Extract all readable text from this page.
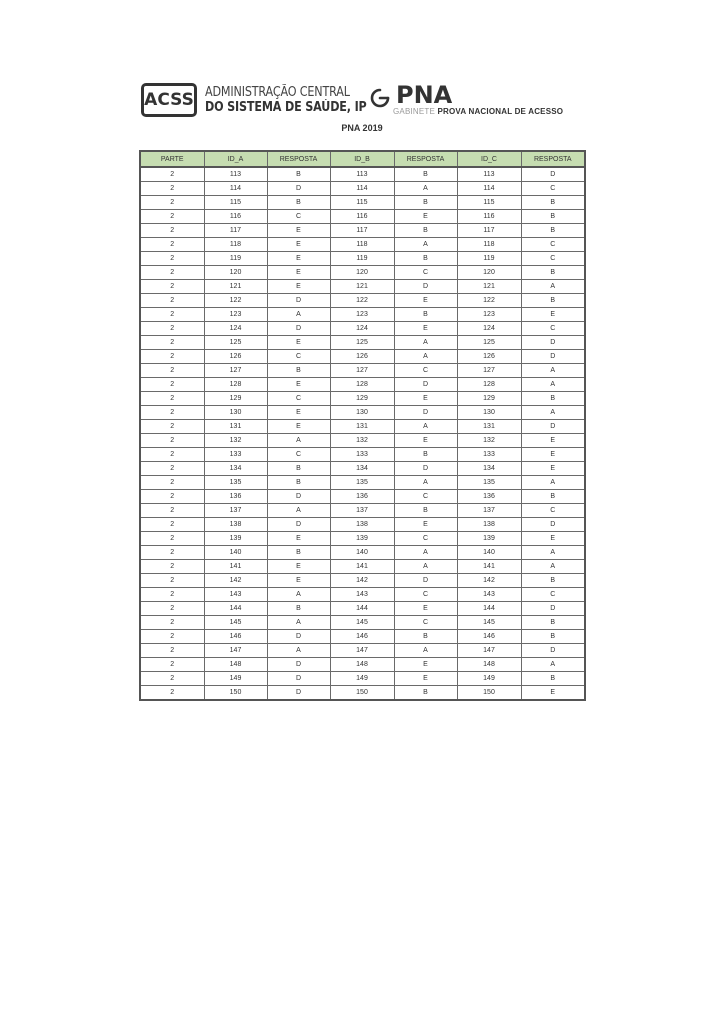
ACSS ADMINISTRAÇÃO CENTRAL
DO SISTEMA DE SAÚDE, IP PNA
GABINETE PROVA NACIONAL DE ACESSO
PNA 2019
PARTE	ID_A	RESPOSTA	ID_B	RESPOSTA	ID_C	RESPOSTA
2	113	B	113	B	113	D
2	114	D	114	A	114	C
2	115	B	115	B	115	B
2	116	C	116	E	116	B
2	117	E	117	B	117	B
2	118	E	118	A	118	C
2	119	E	119	B	119	C
2	120	E	120	C	120	B
2	121	E	121	D	121	A
2	122	D	122	E	122	B
2	123	A	123	B	123	E
2	124	D	124	E	124	C
2	125	E	125	A	125	D
2	126	C	126	A	126	D
2	127	B	127	C	127	A
2	128	E	128	D	128	A
2	129	C	129	E	129	B
2	130	E	130	D	130	A
2	131	E	131	A	131	D
2	132	A	132	E	132	E
2	133	C	133	B	133	E
2	134	B	134	D	134	E
2	135	B	135	A	135	A
2	136	D	136	C	136	B
2	137	A	137	B	137	C
2	138	D	138	E	138	D
2	139	E	139	C	139	E
2	140	B	140	A	140	A
2	141	E	141	A	141	A
2	142	E	142	D	142	B
2	143	A	143	C	143	C
2	144	B	144	E	144	D
2	145	A	145	C	145	B
2	146	D	146	B	146	B
2	147	A	147	A	147	D
2	148	D	148	E	148	A
2	149	D	149	E	149	B
2	150	D	150	B	150	E
